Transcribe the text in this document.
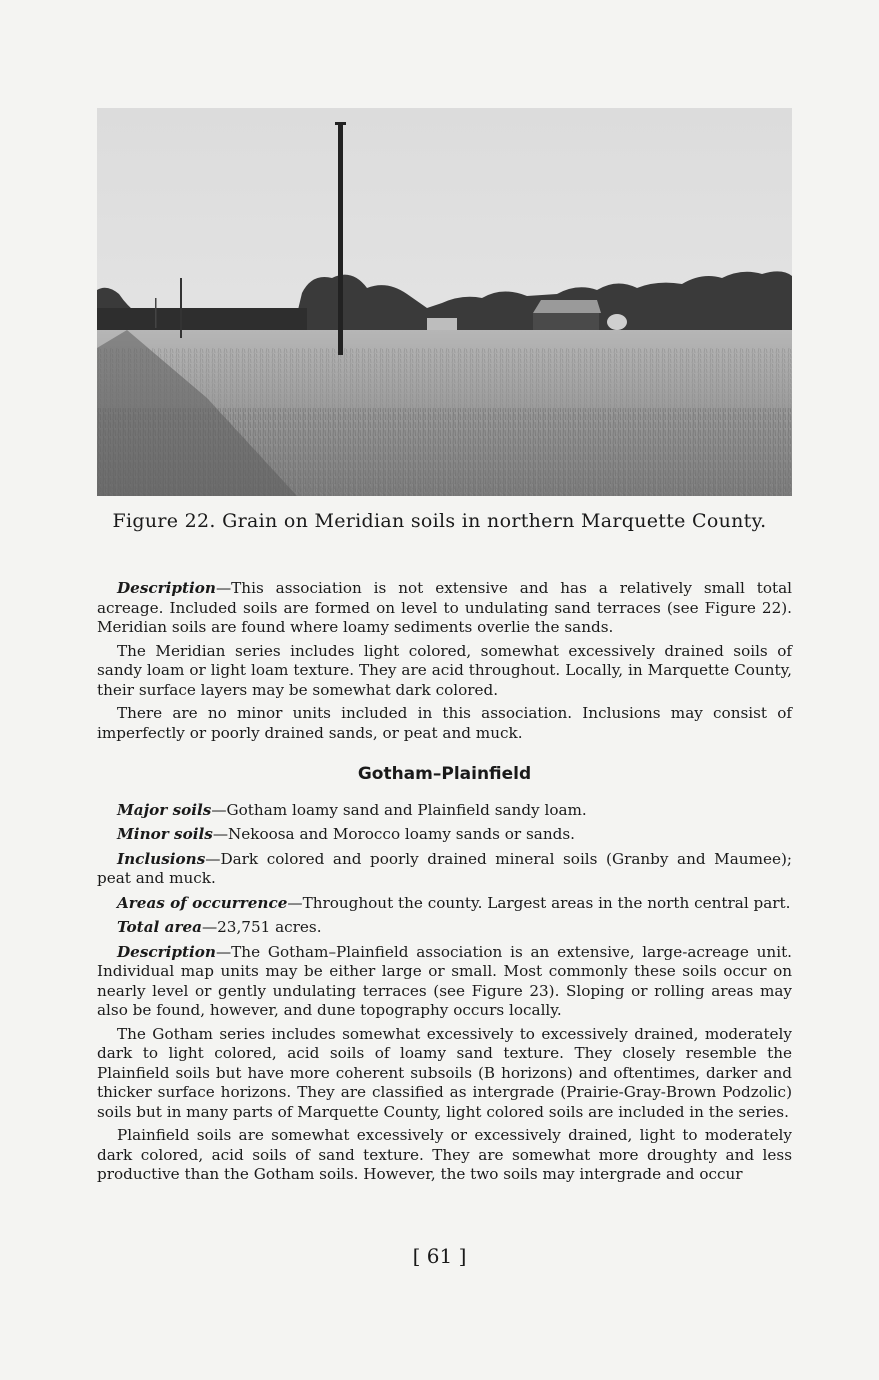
Figure 22. Grain on Meridian soils in northern Marquette County.

Description—This association is not extensive and has a relatively small total acreage. Included soils are formed on level to undulating sand terraces (see Figure 22). Meridian soils are found where loamy sediments overlie the sands.

The Meridian series includes light colored, somewhat excessively drained soils of sandy loam or light loam texture. They are acid throughout. Locally, in Marquette County, their surface layers may be somewhat dark colored.

There are no minor units included in this association. Inclusions may consist of imperfectly or poorly drained sands, or peat and muck.

Gotham–Plainfield

Major soils—Gotham loamy sand and Plainfield sandy loam.

Minor soils—Nekoosa and Morocco loamy sands or sands.

Inclusions—Dark colored and poorly drained mineral soils (Granby and Maumee); peat and muck.

Areas of occurrence—Throughout the county. Largest areas in the north central part.

Total area—23,751 acres.

Description—The Gotham–Plainfield association is an extensive, large-acreage unit. Individual map units may be either large or small. Most commonly these soils occur on nearly level or gently undulating terraces (see Figure 23). Sloping or rolling areas may also be found, however, and dune topography occurs locally.

The Gotham series includes somewhat excessively to excessively drained, moderately dark to light colored, acid soils of loamy sand texture. They closely resemble the Plainfield soils but have more coherent subsoils (B horizons) and oftentimes, darker and thicker surface horizons. They are classified as intergrade (Prairie-Gray-Brown Podzolic) soils but in many parts of Marquette County, light colored soils are included in the series.

Plainfield soils are somewhat excessively or excessively drained, light to moderately dark colored, acid soils of sand texture. They are somewhat more droughty and less productive than the Gotham soils. However, the two soils may intergrade and occur

[ 61 ]
